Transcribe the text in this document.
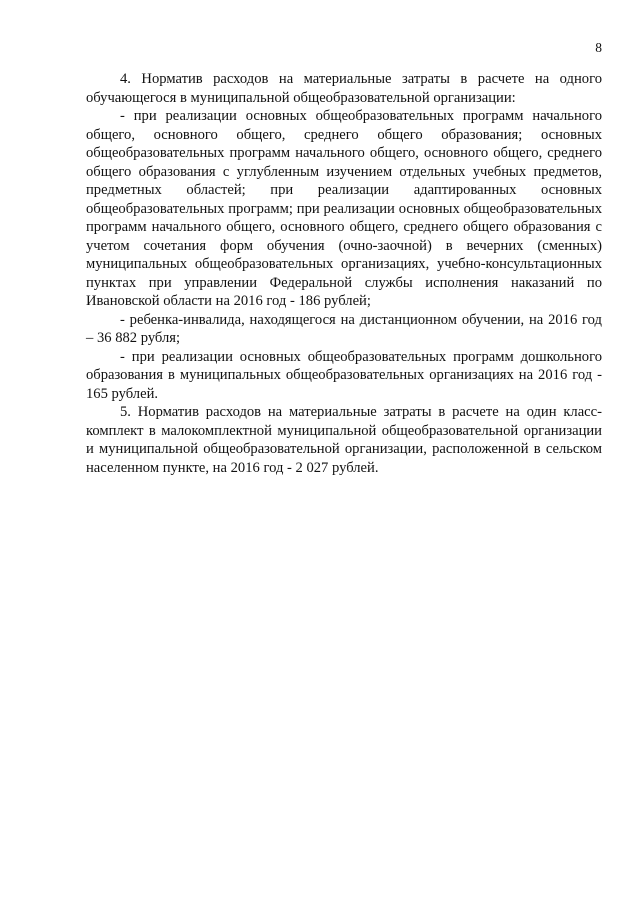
8

4. Норматив расходов на материальные затраты в расчете на одного обучающегося в муниципальной общеобразовательной организации:

- при реализации основных общеобразовательных программ начального общего, основного общего, среднего общего образования; основных общеобразовательных программ начального общего, основного общего, среднего общего образования с углубленным изучением отдельных учебных предметов, предметных областей; при реализации адаптированных основных общеобразовательных программ; при реализации основных общеобразовательных программ начального общего, основного общего, среднего общего образования с учетом сочетания форм обучения (очно-заочной) в вечерних (сменных) муниципальных общеобразовательных организациях, учебно-консультационных пунктах при управлении Федеральной службы исполнения наказаний по Ивановской области на 2016 год - 186 рублей;

- ребенка-инвалида, находящегося на дистанционном обучении, на 2016 год – 36 882 рубля;

- при реализации основных общеобразовательных программ дошкольного образования в муниципальных общеобразовательных организациях на 2016 год - 165 рублей.

5. Норматив расходов на материальные затраты в расчете на один класс-комплект в малокомплектной муниципальной общеобразовательной организации и муниципальной общеобразовательной организации, расположенной в сельском населенном пункте, на 2016 год - 2 027 рублей.
